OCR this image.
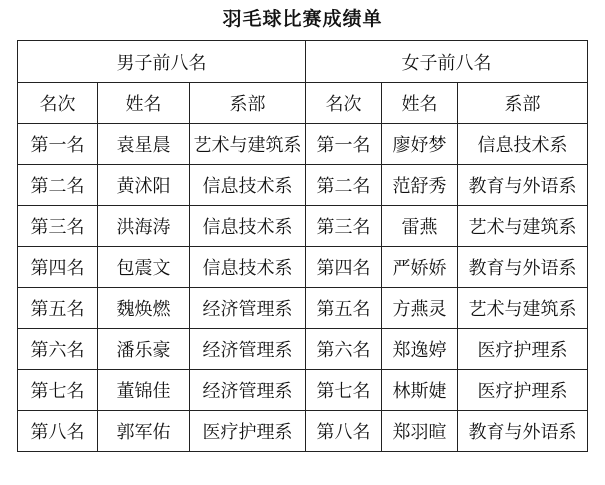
羽毛球比赛成绩单
男子前八名			女子前八名		
名次	姓名	系部	名次	姓名	系部
第一名	袁星晨	艺术与建筑系	第一名	廖妤梦	信息技术系
第二名	黄沭阳	信息技术系	第二名	范舒秀	教育与外语系
第三名	洪海涛	信息技术系	第三名	雷燕	艺术与建筑系
第四名	包震文	信息技术系	第四名	严娇娇	教育与外语系
第五名	魏焕燃	经济管理系	第五名	方燕灵	艺术与建筑系
第六名	潘乐豪	经济管理系	第六名	郑逸婷	医疗护理系
第七名	董锦佳	经济管理系	第七名	林斯婕	医疗护理系
第八名	郭军佑	医疗护理系	第八名	郑羽暄	教育与外语系
